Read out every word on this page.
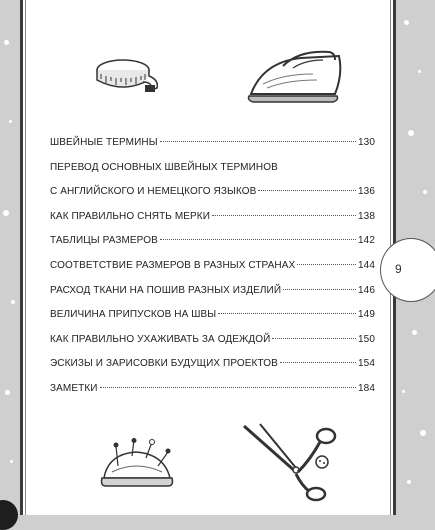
ШВЕЙНЫЕ ТЕРМИНЫ	130
ПЕРЕВОД ОСНОВНЫХ ШВЕЙНЫХ ТЕРМИНОВ
С АНГЛИЙСКОГО И НЕМЕЦКОГО ЯЗЫКОВ	136
КАК ПРАВИЛЬНО СНЯТЬ МЕРКИ	138
ТАБЛИЦЫ РАЗМЕРОВ	142
СООТВЕТСТВИЕ РАЗМЕРОВ В РАЗНЫХ СТРАНАХ	144
РАСХОД ТКАНИ НА ПОШИВ РАЗНЫХ ИЗДЕЛИЙ	146
ВЕЛИЧИНА ПРИПУСКОВ НА ШВЫ	149
КАК ПРАВИЛЬНО УХАЖИВАТЬ ЗА ОДЕЖДОЙ	150
ЭСКИЗЫ И ЗАРИСОВКИ БУДУЩИХ ПРОЕКТОВ	154
ЗАМЕТКИ	184
9
